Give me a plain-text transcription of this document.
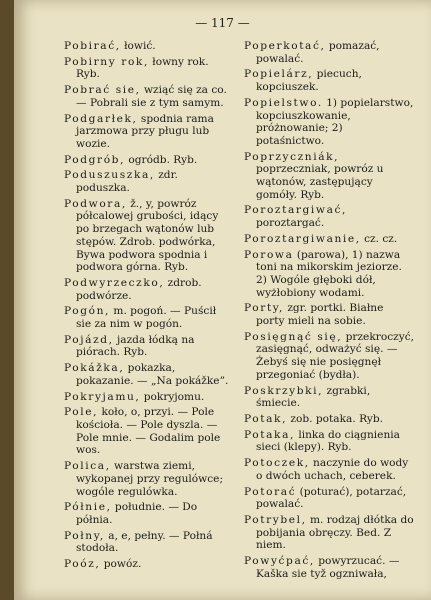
— 117 —
Pobirać, łowić.
Pobirny rok, łowny rok. Ryb.
Pobrać sie, wziąć się za co. — Pobrali sie z tym samym.
Podgarłek, spodnia rama jarzmowa przy pługu lub wozie.
Podgrób, ogródb. Ryb.
Poduszuszka, zdr. poduszka.
Podwora, ž., y, powróz półcalowej grubości, idący po brzegach wątonów lub stępów. Zdrob. podwórka, Bywa podwora spodnia i podwora górna. Ryb.
Podwyrzeczko, zdrob. podwórze.
Pogón, m. pogoń. — Puścił sie za nim w pogón.
Pojázd, jazda łódką na piórach. Ryb.
Pokážka, pokazka, pokazanie. — „Na pokážke”.
Pokryjamu, pokryjomu.
Pole, koło, o, przyi. — Pole kościoła. — Pole dyszla. — Pole mnie. — Godalim pole wos.
Polica, warstwa ziemi, wykopanej przy regulówce; wogóle regulówka.
Półnie, południe. — Do półnia.
Połny, a, e, pełny. — Połná stodoła.
Poóz, powóz.
Poperkotać, pomazać, powalać.
Popielárz, piecuch, kopciuszek.
Popielstwo. 1) popielarstwo, kopciuszkowanie, próżnowanie; 2) potaśnictwo.
Poprzyczniák, poprzeczniak, powróz u wątonów, zastępujący gomóły. Ryb.
Poroztargiwać, poroztargać.
Poroztargiwanie, cz. cz.
Porowa (parowa), 1) nazwa toni na mikorskim jeziorze. 2) Wogóle głęboki dół, wyżłobiony wodami.
Porty, zgr. portki. Białne porty mieli na sobie.
Posięgnąć się, przekroczyć, zasięgnąć, odważyć się. — Żebyś się nie posięgnęł przegoniać (bydła).
Poskrzybki, zgrabki, śmiecie.
Potak, zob. potaka. Ryb.
Potaka, linka do ciągnienia sieci (klepy). Ryb.
Potoczek, naczynie do wody o dwóch uchach, ceberek.
Potorać (poturać), potarzać, powalać.
Potrybel, m. rodzaj dłótka do pobijania obręczy. Bed. Z niem.
Powyćpać, powyrzucać. — Kaška sie tyž ogzniwała,
